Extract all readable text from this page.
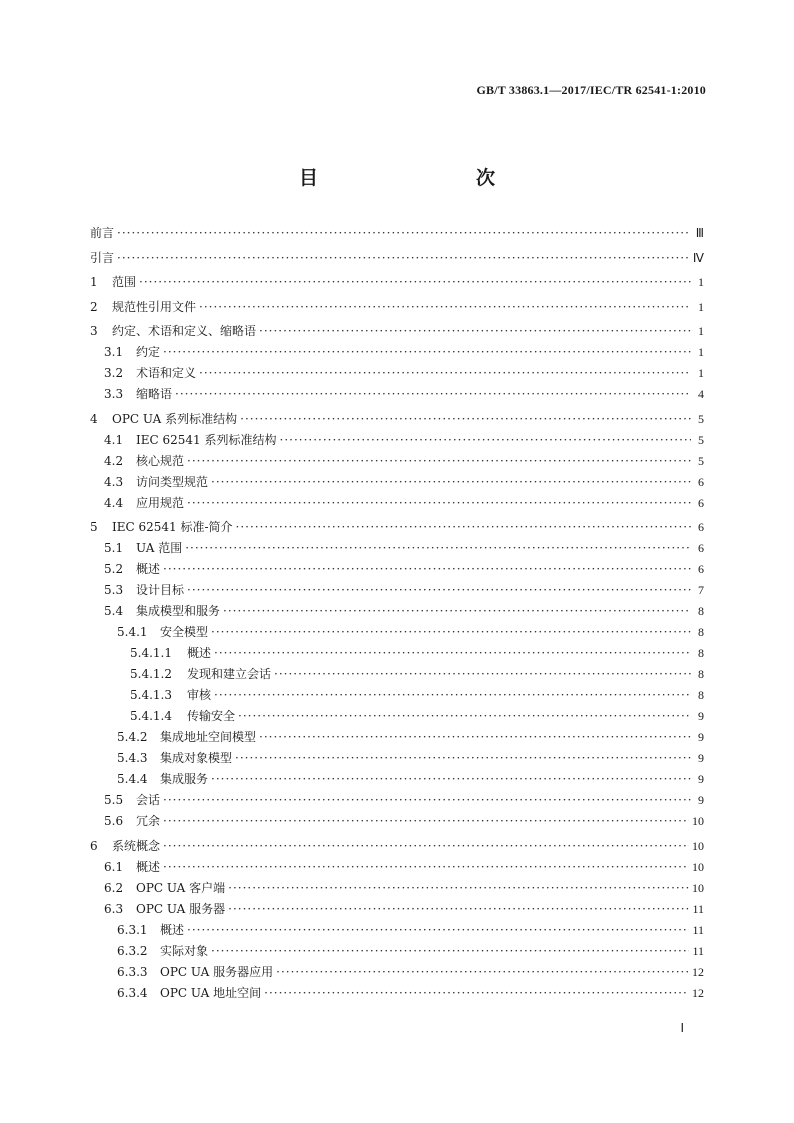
GB/T 33863.1—2017/IEC/TR 62541-1:2010
目　　次
前言 ·····	Ⅲ
引言 ·····	Ⅳ
1	范围 ·····	1
2	规范性引用文件 ·····	1
3	约定、术语和定义、缩略语 ·····	1
3.1	约定 ·····	1
3.2	术语和定义 ·····	1
3.3	缩略语 ·····	4
4	OPC UA 系列标准结构 ·····	5
4.1	IEC 62541 系列标准结构 ·····	5
4.2	核心规范 ·····	5
4.3	访问类型规范 ·····	6
4.4	应用规范 ·····	6
5	IEC 62541 标准-简介 ·····	6
5.1	UA 范围 ·····	6
5.2	概述 ·····	6
5.3	设计目标 ·····	7
5.4	集成模型和服务 ·····	8
5.4.1	安全模型 ·····	8
5.4.1.1	概述 ·····	8
5.4.1.2	发现和建立会话 ·····	8
5.4.1.3	审核 ·····	8
5.4.1.4	传输安全 ·····	9
5.4.2	集成地址空间模型 ·····	9
5.4.3	集成对象模型 ·····	9
5.4.4	集成服务 ·····	9
5.5	会话 ·····	9
5.6	冗余 ·····	10
6	系统概念 ·····	10
6.1	概述 ·····	10
6.2	OPC UA 客户端 ·····	10
6.3	OPC UA 服务器 ·····	11
6.3.1	概述 ·····	11
6.3.2	实际对象 ·····	11
6.3.3	OPC UA 服务器应用 ·····	12
6.3.4	OPC UA 地址空间 ·····	12
Ⅰ
